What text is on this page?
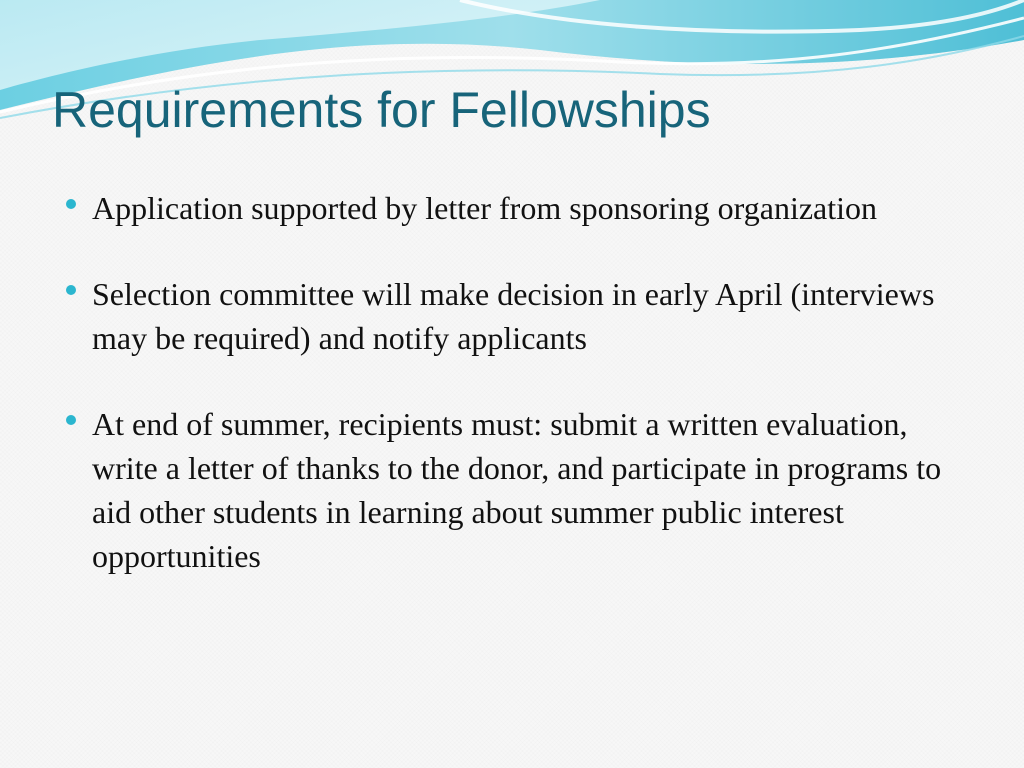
Requirements for Fellowships
Application supported by letter from sponsoring organization
Selection committee will make decision in early April (interviews may be required) and notify applicants
At end of summer, recipients must: submit a written evaluation, write a letter of thanks to the donor, and participate in programs to aid other students in learning about summer public interest opportunities
